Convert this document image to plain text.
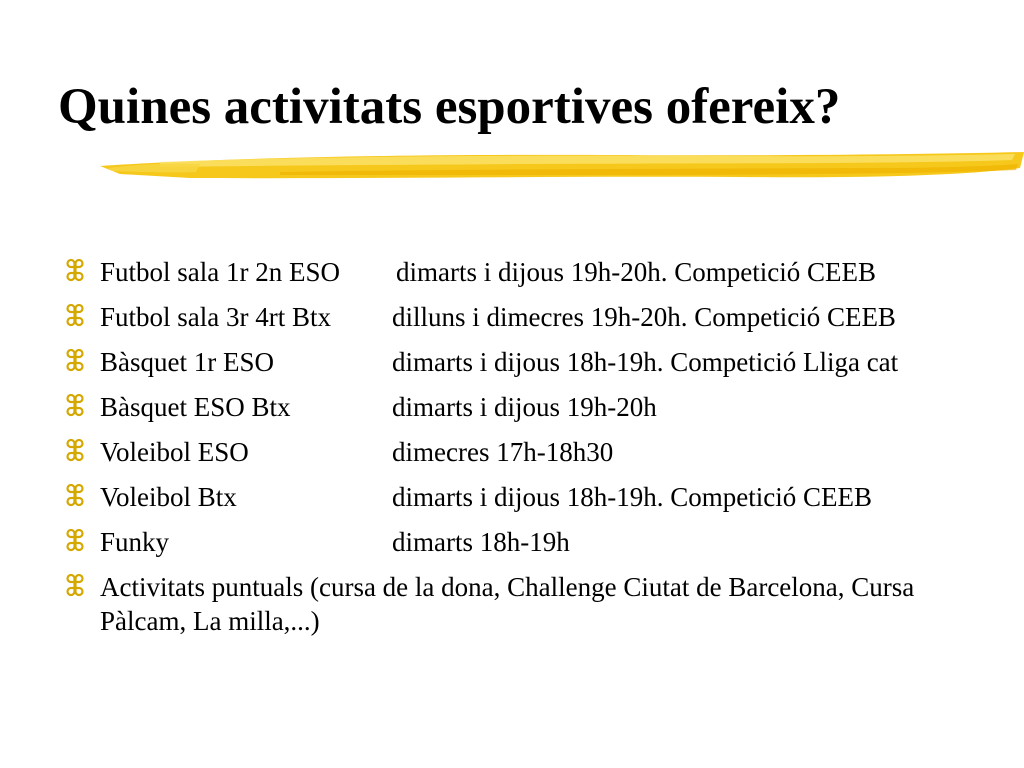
Quines activitats esportives ofereix?
Futbol sala 1r 2n ESO	dimarts i dijous 19h-20h. Competició CEEB
Futbol sala 3r 4rt Btx	dilluns i dimecres 19h-20h. Competició CEEB
Bàsquet 1r ESO	dimarts i dijous 18h-19h. Competició Lliga cat
Bàsquet ESO Btx	dimarts i dijous 19h-20h
Voleibol ESO	dimecres 17h-18h30
Voleibol Btx	dimarts i dijous 18h-19h. Competició CEEB
Funky	dimarts 18h-19h
Activitats puntuals (cursa de la dona, Challenge Ciutat de Barcelona, Cursa Pàlcam, La milla,...)
